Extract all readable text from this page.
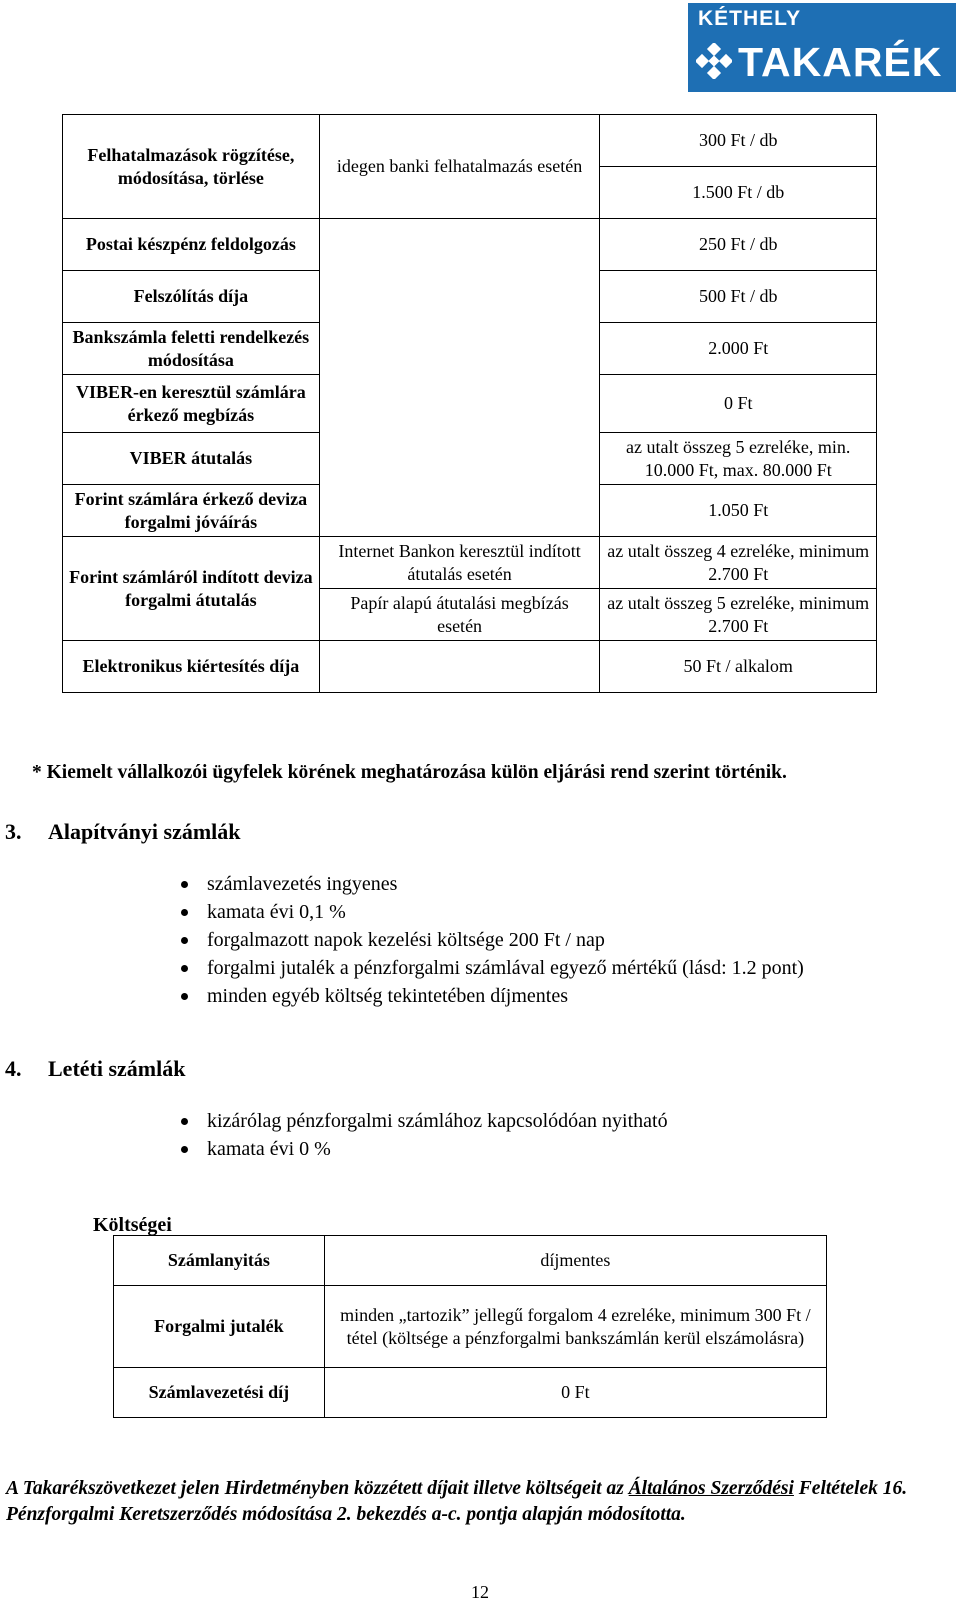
KÉTHELY
TAKARÉK
Felhatalmazások rögzítése, módosítása, törlése	idegen banki felhatalmazás esetén	300 Ft / db
		1.500 Ft / db
Postai készpénz feldolgozás		250 Ft / db
Felszólítás díja		500 Ft / db
Bankszámla feletti rendelkezés módosítása		2.000 Ft
VIBER-en keresztül számlára érkező megbízás		0 Ft
VIBER átutalás		az utalt összeg 5 ezreléke, min. 10.000 Ft, max. 80.000 Ft
Forint számlára érkező deviza forgalmi jóváírás		1.050 Ft
Forint számláról indított deviza forgalmi átutalás	Internet Bankon keresztül indított átutalás esetén	az utalt összeg 4 ezreléke, minimum 2.700 Ft
	Papír alapú átutalási megbízás esetén	az utalt összeg 5 ezreléke, minimum 2.700 Ft
Elektronikus kiértesítés díja		50 Ft / alkalom
* Kiemelt vállalkozói ügyfelek körének meghatározása külön eljárási rend szerint történik.
3. Alapítványi számlák
számlavezetés ingyenes
kamata évi 0,1 %
forgalmazott napok kezelési költsége 200 Ft / nap
forgalmi jutalék a pénzforgalmi számlával egyező mértékű (lásd: 1.2 pont)
minden egyéb költség tekintetében díjmentes
4. Letéti számlák
kizárólag pénzforgalmi számlához kapcsolódóan nyitható
kamata évi 0 %
Költségei
Számlanyitás	díjmentes
Forgalmi jutalék	minden „tartozik” jellegű forgalom 4 ezreléke, minimum 300 Ft / tétel (költsége a pénzforgalmi bankszámlán kerül elszámolásra)
Számlavezetési díj	0 Ft
A Takarékszövetkezet jelen Hirdetményben közzétett díjait illetve költségeit az Általános Szerződési Feltételek 16. Pénzforgalmi Keretszerződés módosítása 2. bekezdés a-c. pontja alapján módosította.
12
